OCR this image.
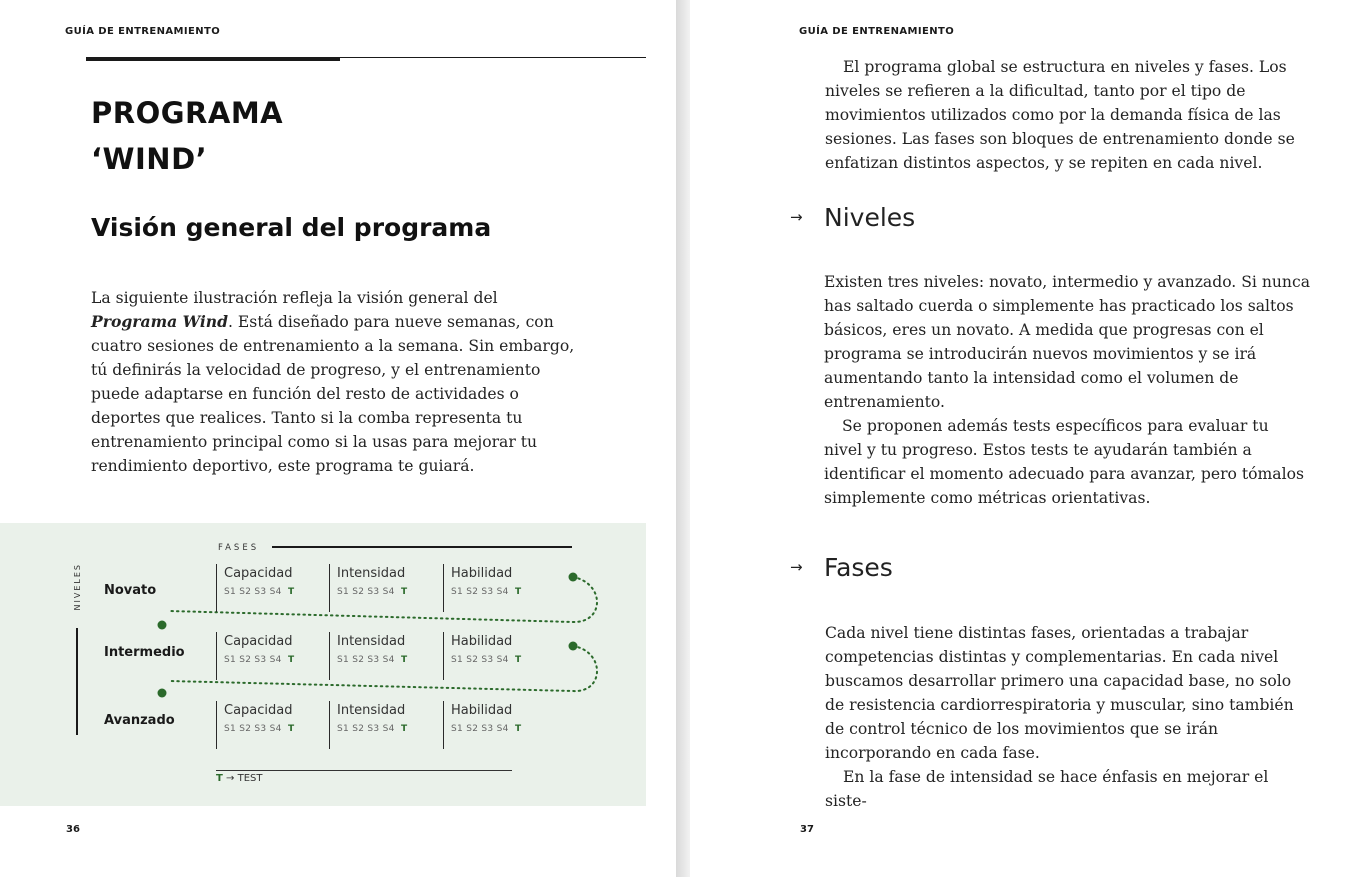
GUÍA DE ENTRENAMIENTO
PROGRAMA
‘WIND’
Visión general del programa

La siguiente ilustración refleja la visión general del Programa Wind. Está diseñado para nueve semanas, con cuatro sesiones de entrenamiento a la semana. Sin embargo, tú definirás la velocidad de progreso, y el entrenamiento puede adaptarse en función del resto de actividades o deportes que realices. Tanto si la comba representa tu entrenamiento principal como si la usas para mejorar tu rendimiento deportivo, este programa te guiará.

FASES
NIVELES Novato
Intermedio
Avanzado
Capacidad
S1 S2 S3 S4 T
Intensidad
S1 S2 S3 S4 T
Habilidad
S1 S2 S3 S4 T
Capacidad
S1 S2 S3 S4 T
Intensidad
S1 S2 S3 S4 T
Habilidad
S1 S2 S3 S4 T
Capacidad
S1 S2 S3 S4 T
Intensidad
S1 S2 S3 S4 T
Habilidad
S1 S2 S3 S4 T
T → TEST
36
GUÍA DE ENTRENAMIENTO

El programa global se estructura en niveles y fases. Los niveles se refieren a la dificultad, tanto por el tipo de movimientos utilizados como por la demanda física de las sesiones. Las fases son bloques de entrenamiento donde se enfatizan distintos aspectos, y se repiten en cada nivel.

→ Niveles

Existen tres niveles: novato, intermedio y avanzado. Si nunca has saltado cuerda o simplemente has practicado los saltos básicos, eres un novato. A medida que progresas con el programa se introducirán nuevos movimientos y se irá aumentando tanto la intensidad como el volumen de entrenamiento.

Se proponen además tests específicos para evaluar tu nivel y tu progreso. Estos tests te ayudarán también a identificar el momento adecuado para avanzar, pero tómalos simplemente como métricas orientativas.

→ Fases

Cada nivel tiene distintas fases, orientadas a trabajar competencias distintas y complementarias. En cada nivel buscamos desarrollar primero una capacidad base, no solo de resistencia cardiorrespiratoria y muscular, sino también de control técnico de los movimientos que se irán incorporando en cada fase.

En la fase de intensidad se hace énfasis en mejorar el siste-

37
